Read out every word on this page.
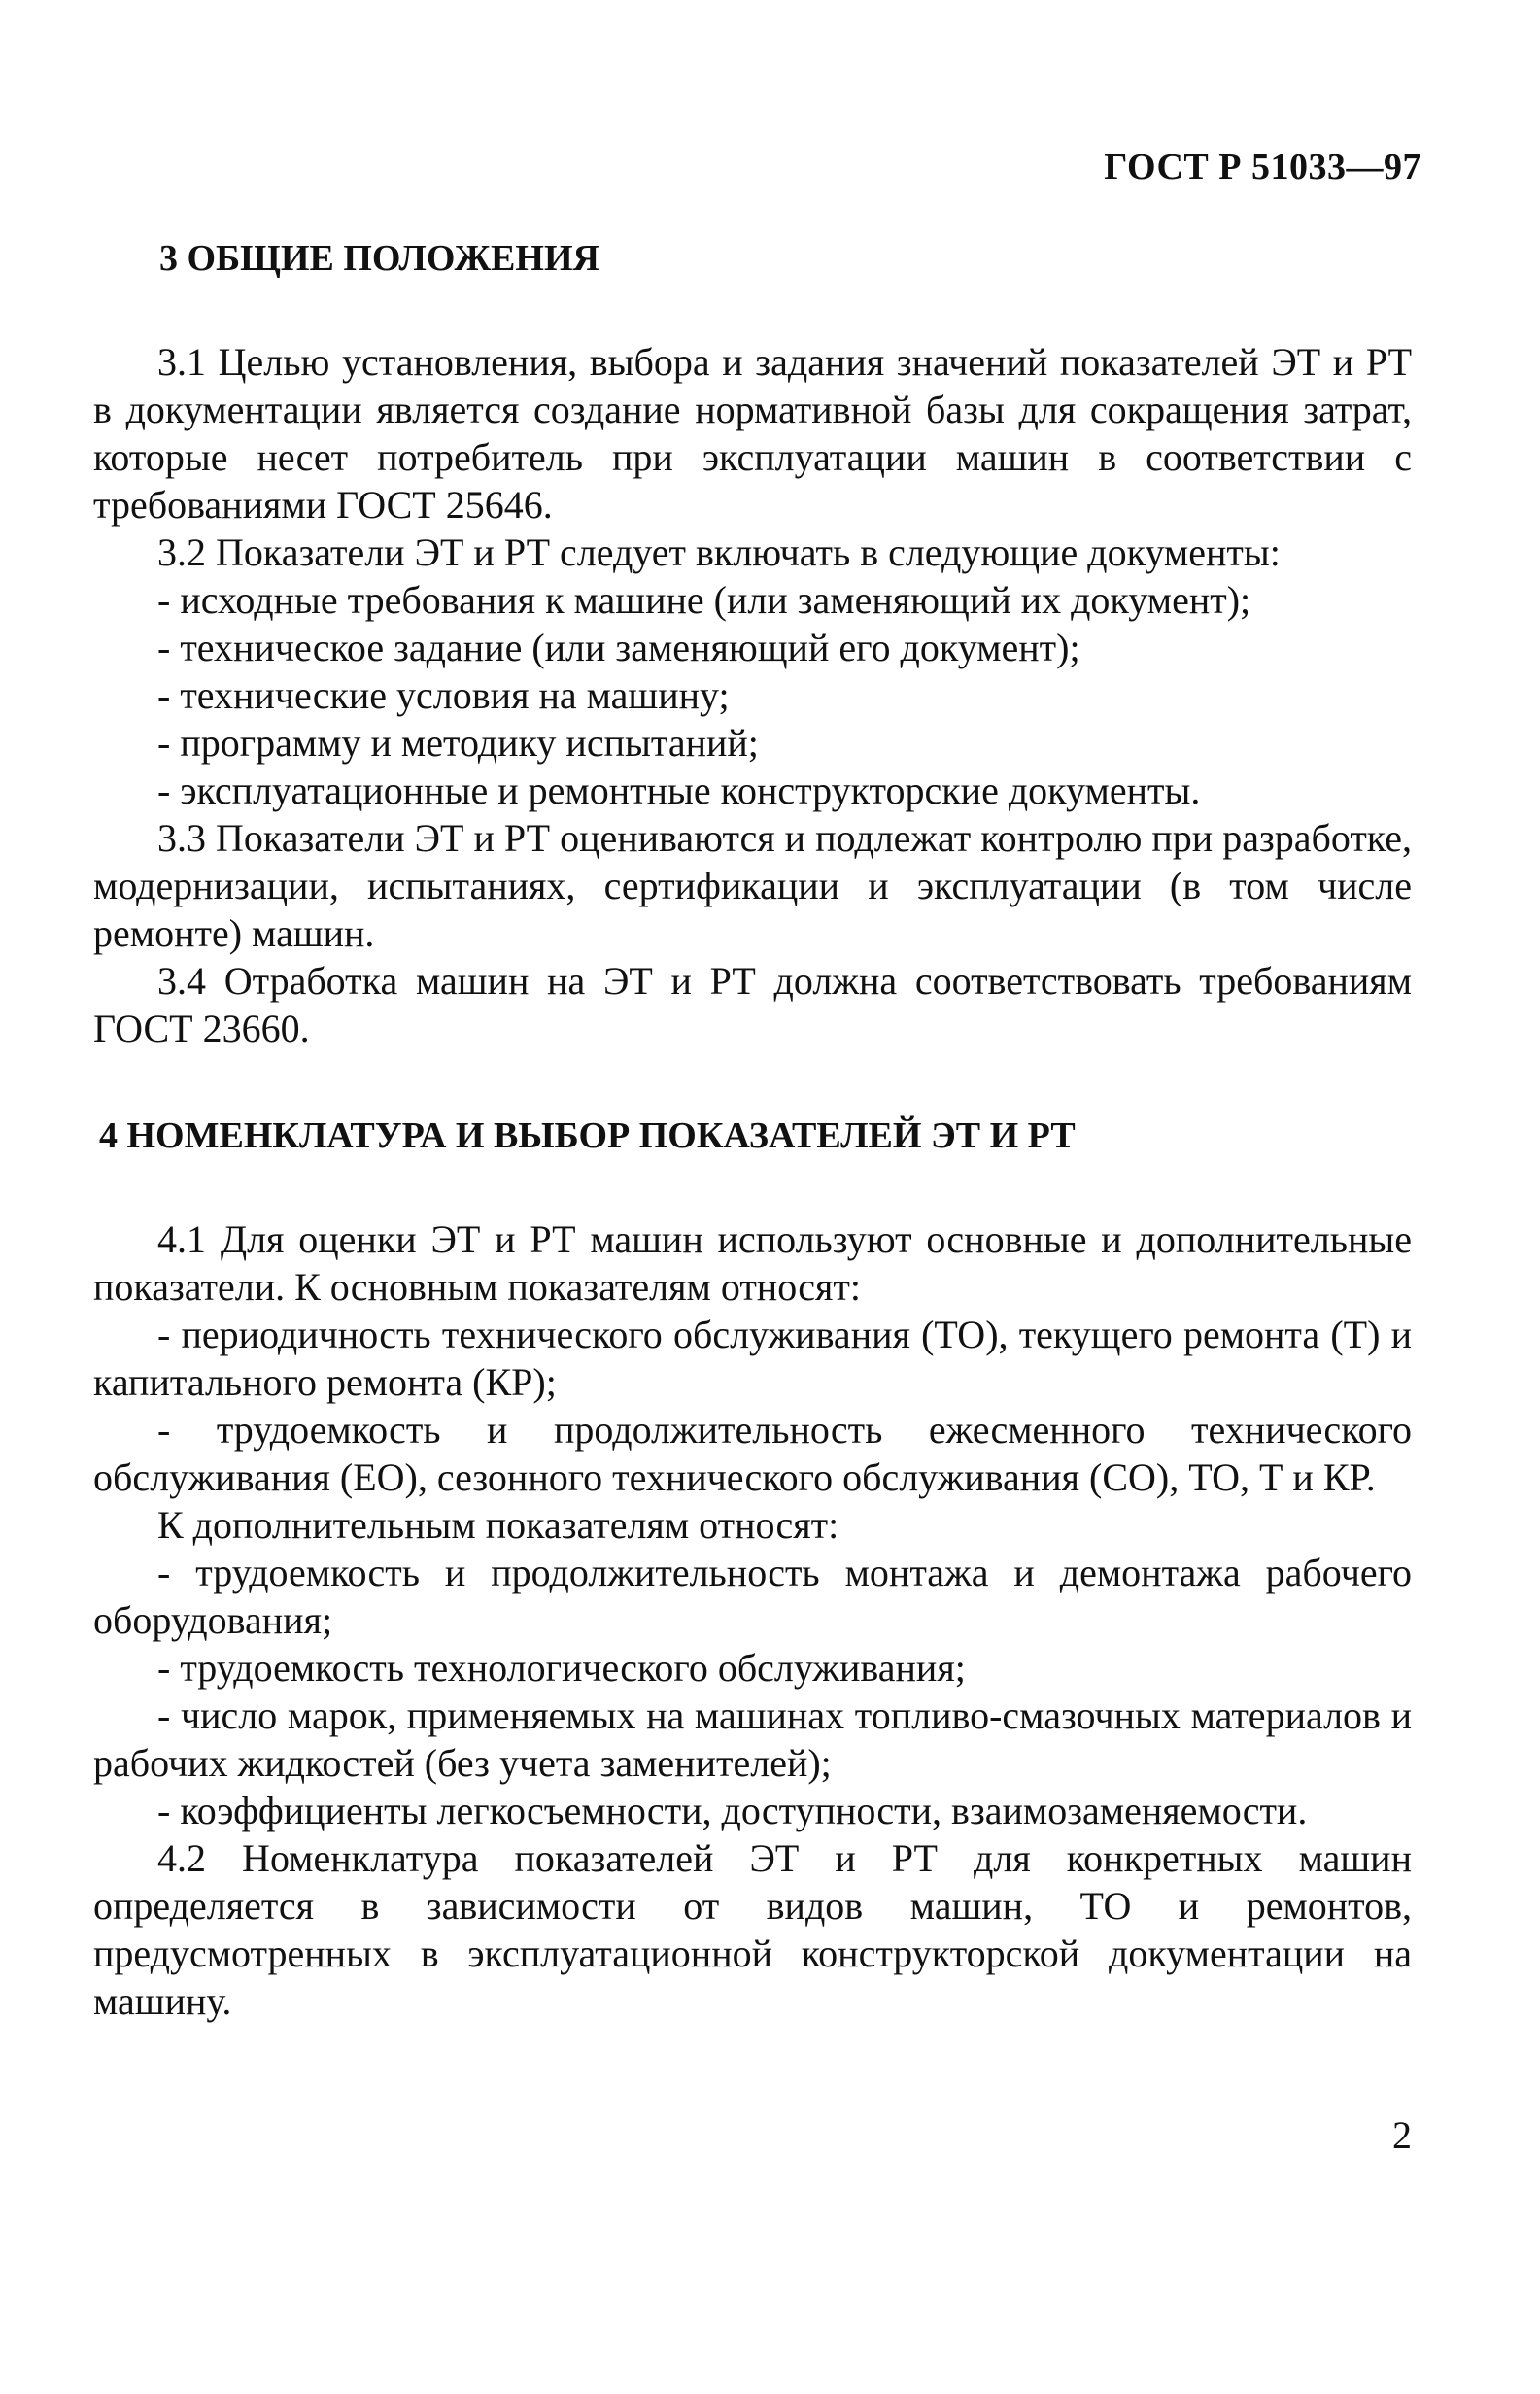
ГОСТ Р 51033—97
3 ОБЩИЕ ПОЛОЖЕНИЯ

3.1 Целью установления, выбора и задания значений показателей ЭТ и РТ в документации является создание нормативной базы для сокращения затрат, которые несет потребитель при эксплуатации машин в соответствии с требованиями ГОСТ 25646.

3.2 Показатели ЭТ и РТ следует включать в следующие документы:

- исходные требования к машине (или заменяющий их документ);

- техническое задание (или заменяющий его документ);

- технические условия на машину;

- программу и методику испытаний;

- эксплуатационные и ремонтные конструкторские документы.

3.3 Показатели ЭТ и РТ оцениваются и подлежат контролю при разработке, модернизации, испытаниях, сертификации и эксплуатации (в том числе ремонте) машин.

3.4 Отработка машин на ЭТ и РТ должна соответствовать требованиям ГОСТ 23660.

4 НОМЕНКЛАТУРА И ВЫБОР ПОКАЗАТЕЛЕЙ ЭТ И РТ

4.1 Для оценки ЭТ и РТ машин используют основные и дополнительные показатели. К основным показателям относят:

- периодичность технического обслуживания (ТО), текущего ремонта (Т) и капитального ремонта (КР);

- трудоемкость и продолжительность ежесменного технического обслуживания (ЕО), сезонного технического обслуживания (СО), ТО, Т и КР.

К дополнительным показателям относят:

- трудоемкость и продолжительность монтажа и демонтажа рабочего оборудования;

- трудоемкость технологического обслуживания;

- число марок, применяемых на машинах топливо-смазочных материалов и рабочих жидкостей (без учета заменителей);

- коэффициенты легкосъемности, доступности, взаимозаменяемости.

4.2 Номенклатура показателей ЭТ и РТ для конкретных машин определяется в зависимости от видов машин, ТО и ремонтов, предусмотренных в эксплуатационной конструкторской документации на машину.

2
